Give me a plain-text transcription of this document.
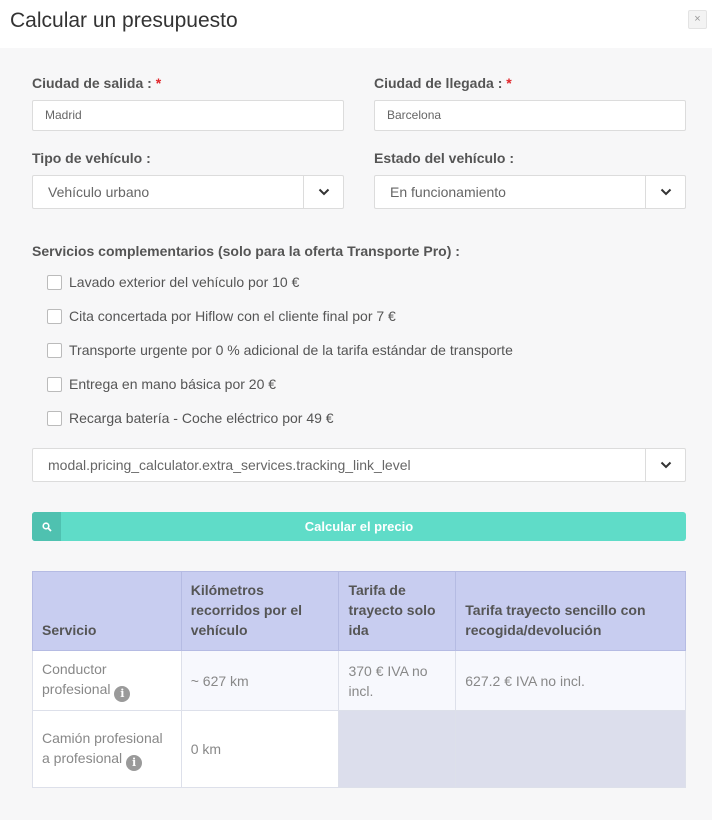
Calcular un presupuesto	×
Ciudad de salida : *
Madrid
Ciudad de llegada : *
Barcelona
Tipo de vehículo :
Vehículo urbano
Estado del vehículo :
En funcionamiento
Servicios complementarios (solo para la oferta Transporte Pro) :
Lavado exterior del vehículo por 10 €
Cita concertada por Hiflow con el cliente final por 7 €
Transporte urgente por 0 % adicional de la tarifa estándar de transporte
Entrega en mano básica por 20 €
Recarga batería - Coche eléctrico por 49 €
modal.pricing_calculator.extra_services.tracking_link_level
Calcular el precio
Servicio	Kilómetros recorridos por el vehículo	Tarifa de trayecto solo ida	Tarifa trayecto sencillo con recogida/devolución
Conductor profesional i	~ 627 km	370 € IVA no incl.	627.2 € IVA no incl.
Camión profesional a profesional i	0 km		
